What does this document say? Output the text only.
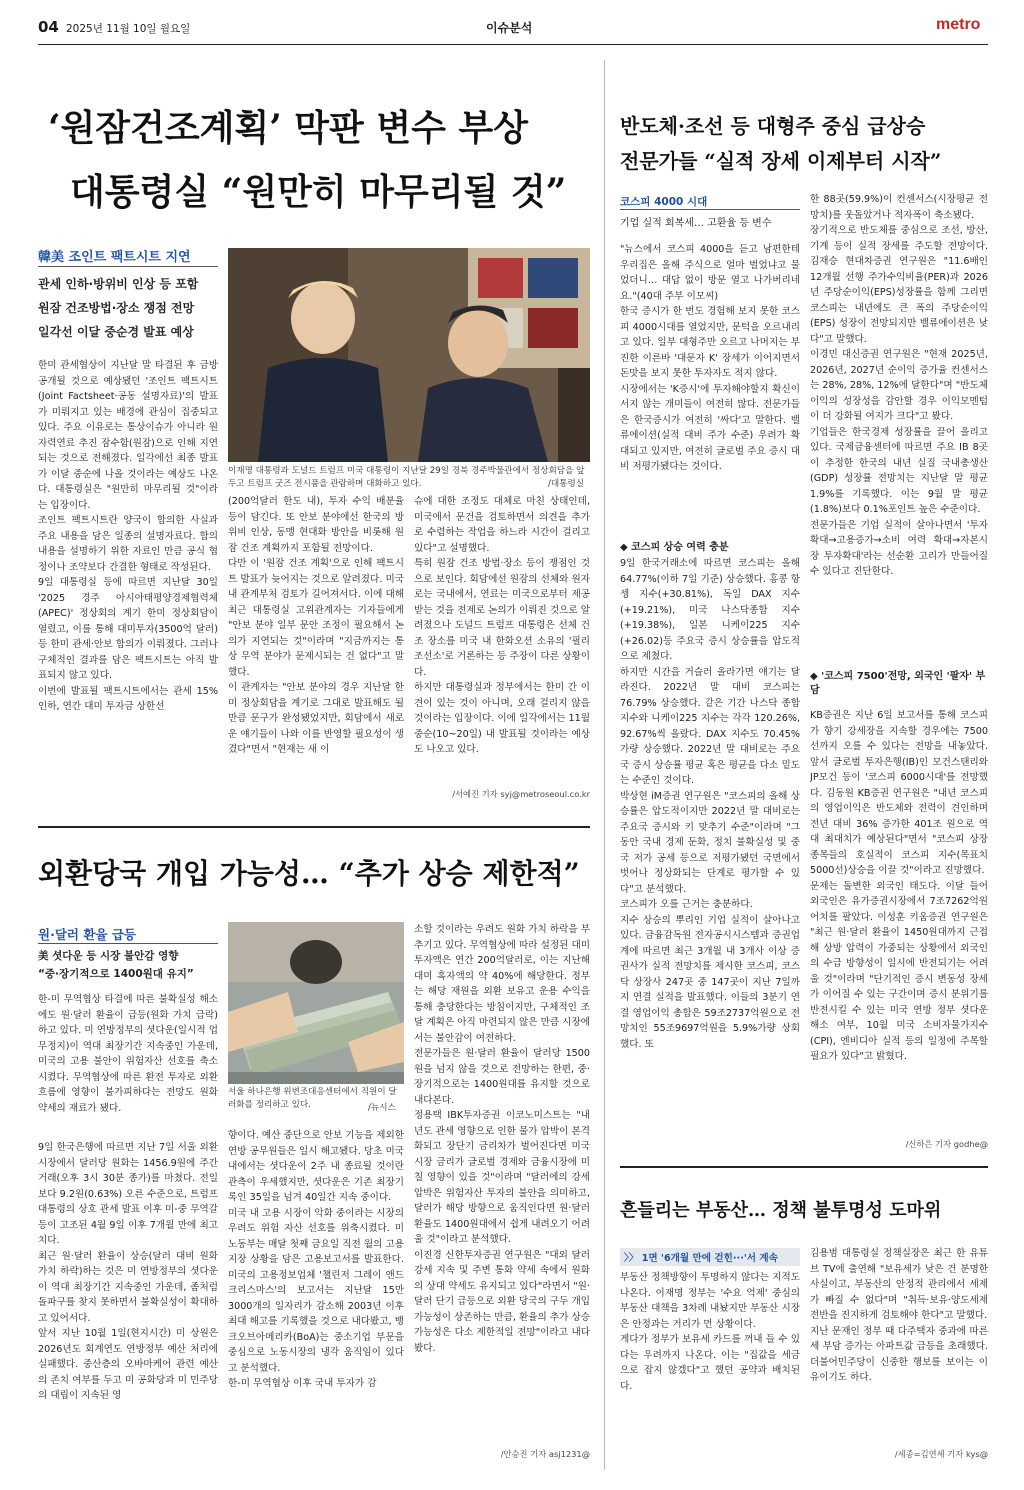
04 2025년 11월 10일 월요일	이슈분석	metro
‘원잠건조계획’ 막판 변수 부상
대통령실 “원만히 마무리될 것”
韓美 조인트 팩트시트 지연
관세 인하·방위비 인상 등 포함
원잠 건조방법·장소 쟁점 전망
일각선 이달 중순경 발표 예상

한미 관세협상이 지난달 말 타결된 후 금방 공개될 것으로 예상됐던 '조인트 팩트시트(Joint Factsheet·공동 설명자료)'의 발표가 미뤄지고 있는 배경에 관심이 집중되고 있다. 주요 이유로는 통상이슈가 아니라 원자력연료 추진 잠수함(원잠)으로 인해 지연되는 것으로 전해졌다. 일각에선 최종 발표가 이달 중순에 나올 것이라는 예상도 나온다. 대통령실은 "원만히 마무리될 것"이라는 입장이다.
조인트 팩트시트란 양국이 합의한 사실과 주요 내용을 담은 일종의 설명자료다. 합의 내용을 설명하기 위한 자료인 만큼 공식 협정이나 조약보다 간결한 형태로 작성된다.
9일 대통령실 등에 따르면 지난달 30일 '2025 경주 아시아태평양경제협력체(APEC)' 정상회의 계기 한미 정상회담이 열렸고, 이를 통해 대미투자(3500억 달러) 등 한미 관세·안보 합의가 이뤄졌다. 그러나 구체적인 결과를 담은 팩트시트는 아직 발표되지 않고 있다.
이번에 발표될 팩트시트에서는 관세 15% 인하, 연간 대미 투자금 상한선

이재명 대통령과 도널드 트럼프 미국 대통령이 지난달 29일 경북 경주박물관에서 정상회담을 앞두고 트럼프 굿즈 전시품을 관람하며 대화하고 있다.	/대통령실

(200억달러 한도 내), 투자 수익 배분율 등이 담긴다. 또 안보 분야에선 한국의 방위비 인상, 동맹 현대화 방안을 비롯해 원잠 건조 계획까지 포함될 전망이다.
다만 이 '원잠 건조 계획'으로 인해 팩트시트 발표가 늦어지는 것으로 알려졌다. 미국 내 관계부처 검토가 길어져서다. 이에 대해 최근 대통령실 고위관계자는 기자들에게 "안보 분야 일부 문안 조정이 필요해서 논의가 지연되는 것"이라며 "지금까지는 통상 무역 분야가 문제시되는 건 없다"고 말했다.
이 관계자는 "안보 분야의 경우 지난달 한미 정상회담을 계기로 그대로 발표해도 될 만큼 문구가 완성됐었지만, 회담에서 새로운 얘기들이 나와 이를 반영할 필요성이 생겼다"면서 "현재는 새 이

슈에 대한 조정도 대체로 마친 상태인데, 미국에서 문건을 검토하면서 의견을 추가로 수렴하는 작업을 하느라 시간이 걸리고 있다"고 설명했다.
특히 원잠 건조 방법·장소 등이 쟁점인 것으로 보인다. 회담에선 원잠의 선체와 원자로는 국내에서, 연료는 미국으로부터 제공받는 것을 전제로 논의가 이뤄진 것으로 알려졌으나 도널드 트럼프 대통령은 선체 건조 장소를 미국 내 한화오션 소유의 '필리조선소'로 거론하는 등 주장이 다른 상황이다.
하지만 대통령실과 정부에서는 한미 간 이견이 있는 것이 아니며, 오래 걸리지 않을 것이라는 입장이다. 이에 일각에서는 11월 중순(10~20일) 내 발표될 것이라는 예상도 나오고 있다.

/서예진 기자 syj@metroseoul.co.kr
외환당국 개입 가능성… “추가 상승 제한적”
원·달러 환율 급등
美 셧다운 등 시장 불안감 영향
“중·장기적으로 1400원대 유지”

한-미 무역협상 타결에 따른 불확실성 해소에도 원·달러 환율이 급등(원화 가치 급락)하고 있다. 미 연방정부의 셧다운(일시적 업무정지)이 역대 최장기간 지속중인 가운데, 미국의 고용 불안이 위험자산 선호를 축소시켰다. 무역협상에 따른 환전 투자로 외환 흐름에 영향이 불가피하다는 전망도 원화 약세의 재료가 됐다.

서울 하나은행 위변조대응센터에서 직원이 달러화를 정리하고 있다.	/뉴시스

9일 한국은행에 따르면 지난 7일 서울 외환시장에서 달러당 원화는 1456.9원에 주간 거래(오후 3시 30분 종가)를 마쳤다. 전일보다 9.2원(0.63%) 오른 수준으로, 트럼프 대통령의 상호 관세 발표 이후 미-중 무역갈등이 고조된 4월 9일 이후 7개월 만에 최고치다.
최근 원·달러 환율이 상승(달러 대비 원화 가치 하락)하는 것은 미 연방정부의 셧다운이 역대 최장기간 지속중인 가운데, 좀처럼 돌파구를 찾지 못하면서 불확실성이 확대하고 있어서다.
앞서 지난 10월 1일(현지시간) 미 상원은 2026년도 회계연도 연방정부 예산 처리에 실패했다. 중산층의 오바마케어 관련 예산의 존치 여부를 두고 미 공화당과 미 민주당의 대립이 지속된 영

향이다. 예산 중단으로 안보 기능을 제외한 연방 공무원들은 일시 해고됐다. 당초 미국 내에서는 셧다운이 2주 내 종료될 것이란 관측이 우세했지만, 셧다운은 기존 최장기록인 35일을 넘겨 40일간 지속 중이다.
미국 내 고용 시장이 악화 중이라는 시장의 우려도 위험 자산 선호를 위축시켰다. 미 노동부는 매달 첫째 금요일 직전 월의 고용지장 상황을 담은 고용보고서를 발표한다. 미국의 고용정보업체 '챌린저 그레이 앤드 크리스마스'의 보고서는 지난달 15만3000개의 일자리가 감소해 2003년 이후 최대 해고를 기록했을 것으로 내다봤고, 뱅크오브아메리카(BoA)는 중소기업 부문을 중심으로 노동시장의 냉각 움직임이 있다고 분석했다.
한-미 무역협상 이후 국내 투자가 감

소할 것이라는 우려도 원화 가치 하락을 부추기고 있다. 무역협상에 따라 설정된 대미 투자액은 연간 200억달러로, 이는 지난해 대미 흑자액의 약 40%에 해당한다. 정부는 해당 재원을 외환 보유고 운용 수익을 통해 충당한다는 방침이지만, 구체적인 조달 계획은 아직 마련되지 않은 만큼 시장에서는 불안감이 여전하다.
전문가들은 원·달러 환율이 달러당 1500원을 넘지 않을 것으로 전망하는 한편, 중·장기적으로는 1400원대를 유지할 것으로 내다본다.
정용택 IBK투자증권 이코노미스트는 "내년도 관세 영향으로 인한 물가 압박이 본격화되고 장단기 금리차가 벌어진다면 미국 시장 금리가 글로벌 경제와 금융시장에 미칠 영향이 있을 것"이라며 "달러에의 강세 압박은 위험자산 투자의 불안을 의미하고, 달러가 해당 방향으로 움직인다면 원·달러 환율도 1400원대에서 쉽게 내려오기 어려울 것"이라고 분석했다.
이진경 신한투자증권 연구원은 "대외 달러 강세 지속 및 주변 통화 약세 속에서 원화의 상대 약세도 유지되고 있다"라면서 "원·달러 단기 급등으로 외환 당국의 구두 개입 가능성이 상존하는 만큼, 환율의 추가 상승 가능성은 다소 제한적일 전망"이라고 내다봤다.

/안승진 기자 asj1231@
반도체·조선 등 대형주 중심 급상승
전문가들 “실적 장세 이제부터 시작”
코스피 4000 시대
기업 실적 회복세… 고환율 등 변수

"뉴스에서 코스피 4000을 듣고 남편한테 우리집은 올해 주식으로 얼마 벌었냐고 물었더니… 대답 없이 방문 열고 나가버리네요."(40대 주부 이모씨)
한국 증시가 한 번도 경험해 보지 못한 코스피 4000시대를 열었지만, 문턱을 오르내리고 있다. 일부 대형주만 오르고 나머지는 부진한 이른바 '대문자 K' 장세가 이어지면서 돈맛을 보지 못한 투자자도 적지 않다.
시장에서는 'K증시'에 투자해야할지 확신이 서지 않는 개미들이 여전히 많다. 전문가들은 한국증시가 여전히 '싸다'고 말한다. 밸류에이션(실적 대비 주가 수준) 우려가 확대되고 있지만, 여전히 글로벌 주요 증시 대비 저평가됐다는 것이다.

◆ 코스피 상승 여력 충분

9일 한국거래소에 따르면 코스피는 올해 64.77%(이하 7일 기준) 상승했다. 홍콩 항셍 지수(+30.81%), 독일 DAX 지수(+19.21%), 미국 나스닥종합 지수(+19.38%), 일본 니케이225 지수(+26.02)등 주요국 증시 상승률을 압도적으로 제쳤다.
하지만 시간을 거슬러 올라가면 얘기는 달라진다. 2022년 말 대비 코스피는 76.79% 상승했다. 같은 기간 나스닥 종합 지수와 니케이225 지수는 각각 120.26%, 92.67%씩 올랐다. DAX 지수도 70.45% 가량 상승했다. 2022년 말 대비로는 주요국 증시 상승률 평균 혹은 평균을 다소 밑도는 수준인 것이다.
박상현 iM증권 연구원은 "코스피의 올해 상승률은 압도적이지만 2022년 말 대비로는 주요국 증시와 키 맞추기 수준"이라며 "그동안 국내 경제 둔화, 정치 불확실성 및 중국 저가 공세 등으로 저평가됐던 국면에서 벗어나 정상화되는 단계로 평가할 수 있다"고 분석했다.
코스피가 오를 근거는 충분하다.
지수 상승의 뿌리인 기업 실적이 살아나고 있다. 금융감독원 전자공시시스템과 증권업계에 따르면 최근 3개월 내 3개사 이상 증권사가 실적 전망치를 제시한 코스피, 코스닥 상장사 247곳 중 147곳이 지난 7일까지 연결 실적을 발표했다. 이들의 3분기 연결 영업이익 총합은 59조2737억원으로 전망치인 55조9697억원을 5.9%가량 상회했다. 또

한 88곳(59.9%)이 컨센서스(시장평균 전망치)를 웃돌았거나 적자폭이 축소됐다.
장기적으로 반도체를 중심으로 조선, 방산, 기계 등이 실적 장세를 주도할 전망이다. 김재승 현대차증권 연구원은 "11.6배인 12개월 선행 주가수익비율(PER)과 2026년 주당순이익(EPS)성장률을 함께 그리면 코스피는 내년에도 큰 폭의 주당순이익(EPS) 성장이 전망되지만 밸류에이션은 낮다"고 말했다.
이경민 대신증권 연구원은 "현재 2025년, 2026년, 2027년 순이익 증가율 컨센서스는 28%, 28%, 12%에 달한다"며 "반도체 이익의 성장성을 감안할 경우 이익모멘텀이 더 강화될 여지가 크다"고 봤다.
기업들은 한국경제 성장률을 끌어 올리고 있다. 국제금융센터에 따르면 주요 IB 8곳이 추정한 한국의 내년 실질 국내총생산(GDP) 성장률 전망치는 지난달 말 평균 1.9%를 기록했다. 이는 9월 말 평균(1.8%)보다 0.1%포인트 높은 수준이다.
전문가들은 기업 실적이 살아나면서 '투자 확대→고용증가→소비 여력 확대→자본시장 투자확대'라는 선순환 고리가 만들어질 수 있다고 진단한다.

◆ '코스피 7500'전망, 외국인 '팔자' 부담

KB증권은 지난 6일 보고서를 통해 코스피가 향기 강세장을 지속할 경우에는 7500선까지 오를 수 있다는 전망을 내놓았다. 앞서 글로벌 투자은행(IB)인 모건스탠리와 JP모건 등이 '코스피 6000시대'를 전망했다. 김동원 KB증권 연구원은 "내년 코스피의 영업이익은 반도체와 전력이 견인하며 전년 대비 36% 증가한 401조 원으로 역대 최대치가 예상된다"면서 "코스피 상장 종목들의 호실적이 코스피 지수(목표치 5000선)상승을 이끌 것"이라고 진망했다.
문제는 돌변한 외국인 태도다. 이달 들어 외국인은 유가증권시장에서 7조7262억원어치를 팔았다. 이성훈 키움증권 연구원은 "최근 원·달러 환율이 1450원대까지 근접해 상방 압력이 가중되는 상황에서 외국인의 수급 방향성이 일시에 반전되기는 어려울 것"이라며 "단기적인 증시 변동성 장세가 이어질 수 있는 구간이며 증시 분위기를 반전시킬 수 있는 미국 연방 정부 셧다운 해소 여부, 10월 미국 소비자물가지수(CPI), 엔비디아 실적 등의 일정에 주목할 필요가 있다"고 밝혔다.

/신하은 기자 godhe@
흔들리는 부동산… 정책 불투명성 도마위
〉〉 1면 '6개월 만에 걷힌···'서 계속

부동산 정책방향이 투명하지 않다는 지적도 나온다. 이재명 정부는 '수요 억제' 중심의 부동산 대책을 3차례 내놨지만 부동산 시장은 안정과는 거리가 먼 상황이다.
게다가 정부가 보유세 카드를 꺼내 들 수 있다는 우려까지 나온다. 이는 "집값을 세금으로 잡지 않겠다"고 했던 공약과 배치된다.

김용범 대통령실 정책실장은 최근 한 유튜브 TV에 출연해 "보유세가 낮은 건 분명한 사실이고, 부동산의 안정적 관리에서 세제가 빠질 수 없다"며 "취득·보유·양도세제 전반을 진지하게 검토해야 한다"고 말했다.
지난 문재인 정부 때 다주택자 중과에 따른 세 부담 증가는 아파트값 급등을 초래했다. 더불어민주당이 신중한 행보를 보이는 이유이기도 하다.

/세종=김연세 기자 kys@
